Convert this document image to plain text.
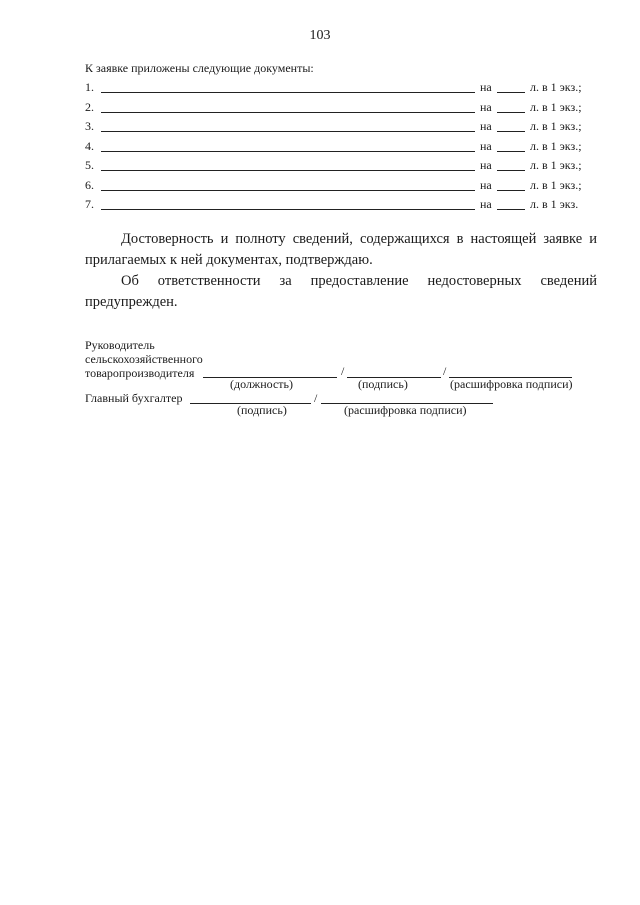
103
К заявке приложены следующие документы:
1.	на	л. в 1 экз.;
2.	на	л. в 1 экз.;
3.	на	л. в 1 экз.;
4.	на	л. в 1 экз.;
5.	на	л. в 1 экз.;
6.	на	л. в 1 экз.;
7.	на	л. в 1 экз.
Достоверность и полноту сведений, содержащихся в настоящей заявке и прилагаемых к ней документах, подтверждаю.
Об ответственности за предоставление недостоверных сведений предупрежден.
Руководитель
сельскохозяйственного
товаропроизводителя	/	/
(должность)	(подпись)	(расшифровка подписи)
Главный бухгалтер	/
(подпись)	(расшифровка подписи)
